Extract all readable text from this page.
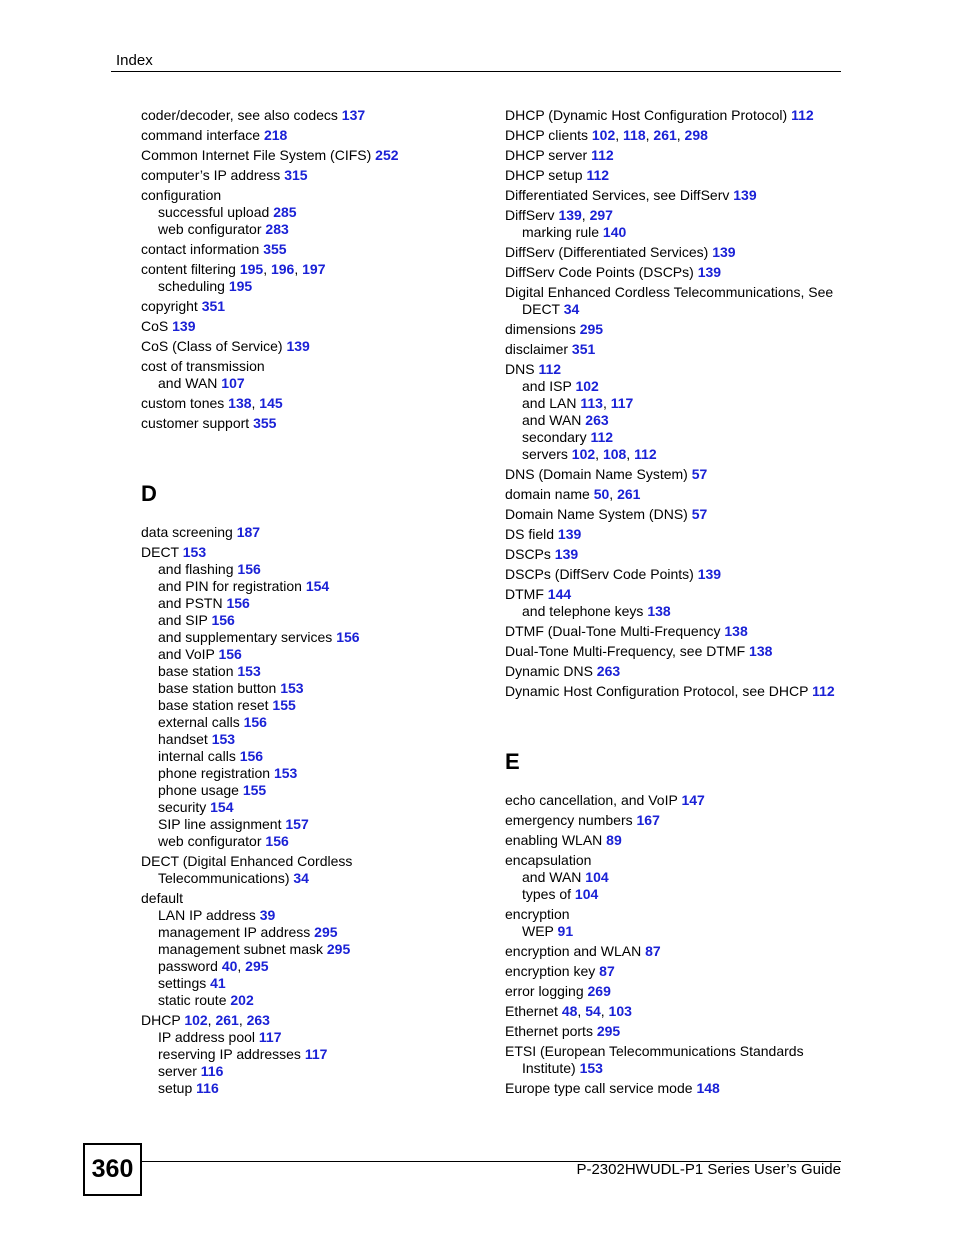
Index
coder/decoder, see also codecs 137
command interface 218
Common Internet File System (CIFS) 252
computer’s IP address 315
configuration
successful upload 285
web configurator 283
contact information 355
content filtering 195, 196, 197
scheduling 195
copyright 351
CoS 139
CoS (Class of Service) 139
cost of transmission
and WAN 107
custom tones 138, 145
customer support 355
D
data screening 187
DECT 153
and flashing 156
and PIN for registration 154
and PSTN 156
and SIP 156
and supplementary services 156
and VoIP 156
base station 153
base station button 153
base station reset 155
external calls 156
handset 153
internal calls 156
phone registration 153
phone usage 155
security 154
SIP line assignment 157
web configurator 156
DECT (Digital Enhanced Cordless
Telecommunications) 34
default
LAN IP address 39
management IP address 295
management subnet mask 295
password 40, 295
settings 41
static route 202
DHCP 102, 261, 263
IP address pool 117
reserving IP addresses 117
server 116
setup 116
DHCP (Dynamic Host Configuration Protocol) 112
DHCP clients 102, 118, 261, 298
DHCP server 112
DHCP setup 112
Differentiated Services, see DiffServ 139
DiffServ 139, 297
marking rule 140
DiffServ (Differentiated Services) 139
DiffServ Code Points (DSCPs) 139
Digital Enhanced Cordless Telecommunications, See
DECT 34
dimensions 295
disclaimer 351
DNS 112
and ISP 102
and LAN 113, 117
and WAN 263
secondary 112
servers 102, 108, 112
DNS (Domain Name System) 57
domain name 50, 261
Domain Name System (DNS) 57
DS field 139
DSCPs 139
DSCPs (DiffServ Code Points) 139
DTMF 144
and telephone keys 138
DTMF (Dual-Tone Multi-Frequency 138
Dual-Tone Multi-Frequency, see DTMF 138
Dynamic DNS 263
Dynamic Host Configuration Protocol, see DHCP 112
E
echo cancellation, and VoIP 147
emergency numbers 167
enabling WLAN 89
encapsulation
and WAN 104
types of 104
encryption
WEP 91
encryption and WLAN 87
encryption key 87
error logging 269
Ethernet 48, 54, 103
Ethernet ports 295
ETSI (European Telecommunications Standards
Institute) 153
Europe type call service mode 148
360	P-2302HWUDL-P1 Series User’s Guide
